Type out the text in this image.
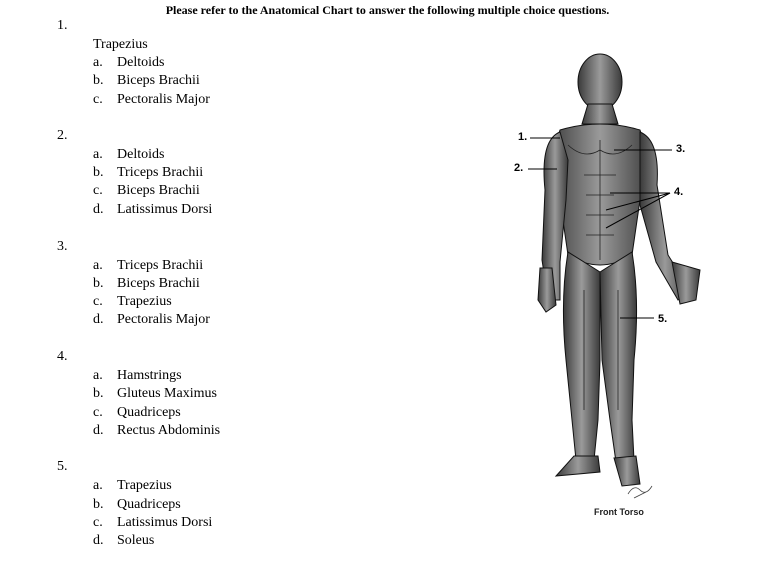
Please refer to the Anatomical Chart to answer the following multiple choice questions.
1.
Trapezius
a. Deltoids
b. Biceps Brachii
c. Pectoralis Major
2.
a. Deltoids
b. Triceps Brachii
c. Biceps Brachii
d. Latissimus Dorsi
3.
a. Triceps Brachii
b. Biceps Brachii
c. Trapezius
d. Pectoralis Major
4.
a. Hamstrings
b. Gluteus Maximus
c. Quadriceps
d. Rectus Abdominis
5.
a. Trapezius
b. Quadriceps
c. Latissimus Dorsi
d. Soleus
1.
2.
3.
4.
5.
Front Torso
